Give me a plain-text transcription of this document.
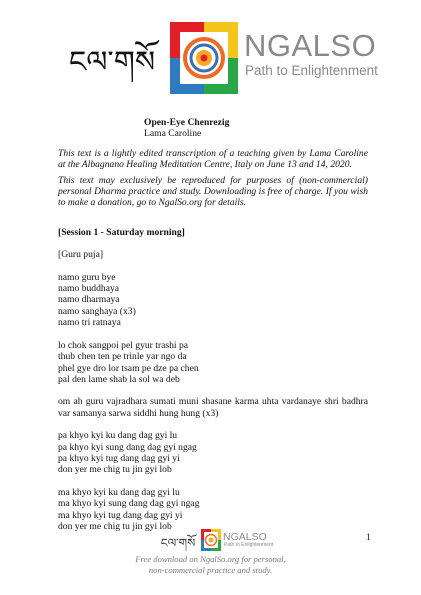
ངལ་གསོ	NGALSO
Path to Enlightenment
Open-Eye Chenrezig
Lama Caroline

This text is a lightly edited transcription of a teaching given by Lama Caroline at the Albagnano Healing Meditation Centre, Italy on June 13 and 14, 2020.

This text may exclusively be reproduced for purposes of (non-commercial) personal Dharma practice and study. Downloading is free of charge. If you wish to make a donation, go to NgalSo.org for details.

[Session 1 - Saturday morning]
[Guru puja]
namo guru bye
namo buddhaya
namo dharmaya
namo sanghaya (x3)
namo tri ratnaya
lo chok sangpoi pel gyur trashi pa
thub chen ten pe trinle yar ngo da
phel gye dro lor tsam pe dze pa chen
pal den lame shab la sol wa deb
om ah guru vajradhara sumati muni shasane karma uhta vardanaye shri badhra var samanya sarwa siddhi hung hung (x3)
pa khyo kyi ku dang dag gyi lu
pa khyo kyi sung dang dag gyi ngag
pa khyo kyi tug dang dag gyi yi
don yer me chig tu jin gyi lob
ma khyo kyi ku dang dag gyi lu
ma khyo kyi sung dang dag gyi ngag
ma khyo kyi tug dang dag gyi yi
don yer me chig tu jin gyi lob
1
ངལ་གསོ	NGALSO
Path to Enlightenment
Free download on NgalSo.org for personal,
non-commercial practice and study.
